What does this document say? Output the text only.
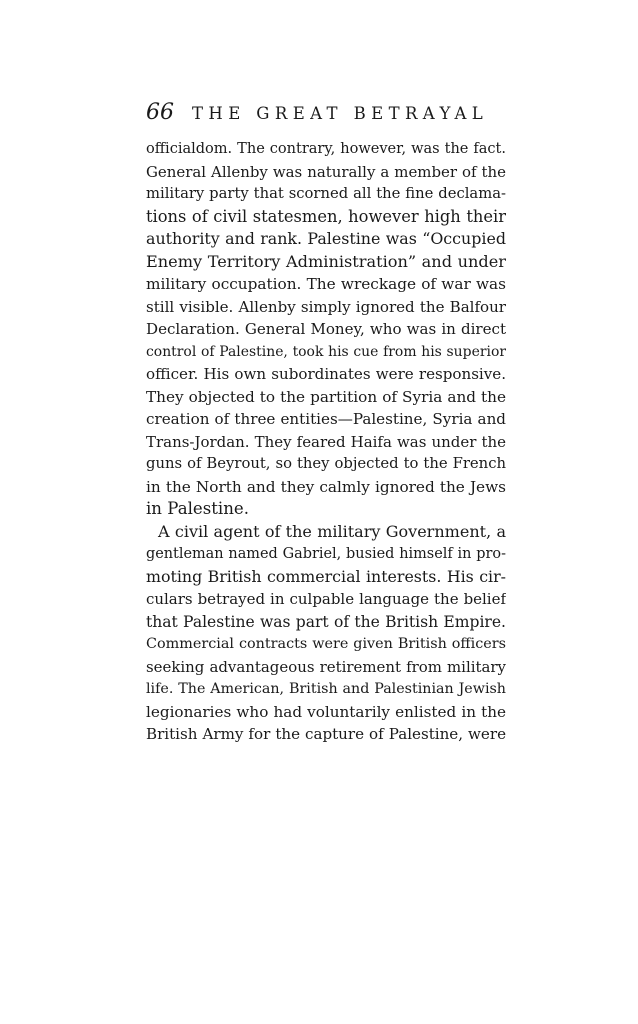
66 THE GREAT BETRAYAL
officialdom. The contrary, however, was the fact.
General Allenby was naturally a member of the
military party that scorned all the fine declama-
tions of civil statesmen, however high their
authority and rank. Palestine was “Occupied
Enemy Territory Administration” and under
military occupation. The wreckage of war was
still visible. Allenby simply ignored the Balfour
Declaration. General Money, who was in direct
control of Palestine, took his cue from his superior
officer. His own subordinates were responsive.
They objected to the partition of Syria and the
creation of three entities—Palestine, Syria and
Trans-Jordan. They feared Haifa was under the
guns of Beyrout, so they objected to the French
in the North and they calmly ignored the Jews
in Palestine.
A civil agent of the military Government, a
gentleman named Gabriel, busied himself in pro-
moting British commercial interests. His cir-
culars betrayed in culpable language the belief
that Palestine was part of the British Empire.
Commercial contracts were given British officers
seeking advantageous retirement from military
life. The American, British and Palestinian Jewish
legionaries who had voluntarily enlisted in the
British Army for the capture of Palestine, were
